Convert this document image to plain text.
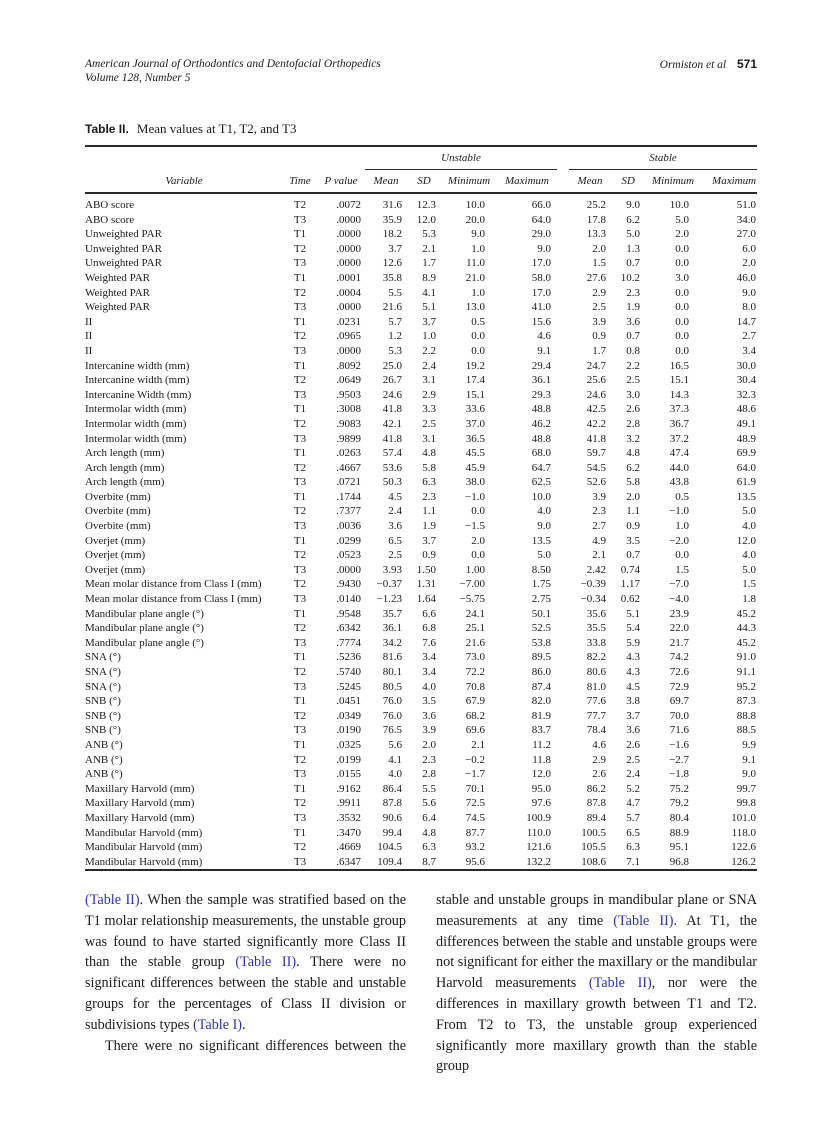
American Journal of Orthodontics and Dentofacial Orthopedics
Volume 128, Number 5
Ormiston et al 571
Table II. Mean values at T1, T2, and T3
			Unstable					Stable			
Variable	Time	P value	Mean	SD	Minimum	Maximum		Mean	SD	Minimum	Maximum
ABO score	T2	.0072	31.6	12.3	10.0	66.0		25.2	9.0	10.0	51.0
ABO score	T3	.0000	35.9	12.0	20.0	64.0		17.8	6.2	5.0	34.0
Unweighted PAR	T1	.0000	18.2	5.3	9.0	29.0		13.3	5.0	2.0	27.0
Unweighted PAR	T2	.0000	3.7	2.1	1.0	9.0		2.0	1.3	0.0	6.0
Unweighted PAR	T3	.0000	12.6	1.7	11.0	17.0		1.5	0.7	0.0	2.0
Weighted PAR	T1	.0001	35.8	8.9	21.0	58.0		27.6	10.2	3.0	46.0
Weighted PAR	T2	.0004	5.5	4.1	1.0	17.0		2.9	2.3	0.0	9.0
Weighted PAR	T3	.0000	21.6	5.1	13.0	41.0		2.5	1.9	0.0	8.0
II	T1	.0231	5.7	3.7	0.5	15.6		3.9	3.6	0.0	14.7
II	T2	.0965	1.2	1.0	0.0	4.6		0.9	0.7	0.0	2.7
II	T3	.0000	5.3	2.2	0.0	9.1		1.7	0.8	0.0	3.4
Intercanine width (mm)	T1	.8092	25.0	2.4	19.2	29.4		24.7	2.2	16.5	30.0
Intercanine width (mm)	T2	.0649	26.7	3.1	17.4	36.1		25.6	2.5	15.1	30.4
Intercanine Width (mm)	T3	.9503	24.6	2.9	15.1	29.3		24.6	3.0	14.3	32.3
Intermolar width (mm)	T1	.3008	41.8	3.3	33.6	48.8		42.5	2.6	37.3	48.6
Intermolar width (mm)	T2	.9083	42.1	2.5	37.0	46.2		42.2	2.8	36.7	49.1
Intermolar width (mm)	T3	.9899	41.8	3.1	36.5	48.8		41.8	3.2	37.2	48.9
Arch length (mm)	T1	.0263	57.4	4.8	45.5	68.0		59.7	4.8	47.4	69.9
Arch length (mm)	T2	.4667	53.6	5.8	45.9	64.7		54.5	6.2	44.0	64.0
Arch length (mm)	T3	.0721	50.3	6.3	38.0	62.5		52.6	5.8	43.8	61.9
Overbite (mm)	T1	.1744	4.5	2.3	−1.0	10.0		3.9	2.0	0.5	13.5
Overbite (mm)	T2	.7377	2.4	1.1	0.0	4.0		2.3	1.1	−1.0	5.0
Overbite (mm)	T3	.0036	3.6	1.9	−1.5	9.0		2.7	0.9	1.0	4.0
Overjet (mm)	T1	.0299	6.5	3.7	2.0	13.5		4.9	3.5	−2.0	12.0
Overjet (mm)	T2	.0523	2.5	0.9	0.0	5.0		2.1	0.7	0.0	4.0
Overjet (mm)	T3	.0000	3.93	1.50	1.00	8.50		2.42	0.74	1.5	5.0
Mean molar distance from Class I (mm)	T2	.9430	−0.37	1.31	−7.00	1.75		−0.39	1.17	−7.0	1.5
Mean molar distance from Class I (mm)	T3	.0140	−1.23	1.64	−5.75	2.75		−0.34	0.62	−4.0	1.8
Mandibular plane angle (°)	T1	.9548	35.7	6.6	24.1	50.1		35.6	5.1	23.9	45.2
Mandibular plane angle (°)	T2	.6342	36.1	6.8	25.1	52.5		35.5	5.4	22.0	44.3
Mandibular plane angle (°)	T3	.7774	34.2	7.6	21.6	53.8		33.8	5.9	21.7	45.2
SNA (°)	T1	.5236	81.6	3.4	73.0	89.5		82.2	4.3	74.2	91.0
SNA (°)	T2	.5740	80.1	3.4	72.2	86.0		80.6	4.3	72.6	91.1
SNA (°)	T3	.5245	80.5	4.0	70.8	87.4		81.0	4.5	72.9	95.2
SNB (°)	T1	.0451	76.0	3.5	67.9	82.0		77.6	3.8	69.7	87.3
SNB (°)	T2	.0349	76.0	3.6	68.2	81.9		77.7	3.7	70.0	88.8
SNB (°)	T3	.0190	76.5	3.9	69.6	83.7		78.4	3.6	71.6	88.5
ANB (°)	T1	.0325	5.6	2.0	2.1	11.2		4.6	2.6	−1.6	9.9
ANB (°)	T2	.0199	4.1	2.3	−0.2	11.8		2.9	2.5	−2.7	9.1
ANB (°)	T3	.0155	4.0	2.8	−1.7	12.0		2.6	2.4	−1.8	9.0
Maxillary Harvold (mm)	T1	.9162	86.4	5.5	70.1	95.0		86.2	5.2	75.2	99.7
Maxillary Harvold (mm)	T2	.9911	87.8	5.6	72.5	97.6		87.8	4.7	79.2	99.8
Maxillary Harvold (mm)	T3	.3532	90.6	6.4	74.5	100.9		89.4	5.7	80.4	101.0
Mandibular Harvold (mm)	T1	.3470	99.4	4.8	87.7	110.0		100.5	6.5	88.9	118.0
Mandibular Harvold (mm)	T2	.4669	104.5	6.3	93.2	121.6		105.5	6.3	95.1	122.6
Mandibular Harvold (mm)	T3	.6347	109.4	8.7	95.6	132.2		108.6	7.1	96.8	126.2

(Table II). When the sample was stratified based on the T1 molar relationship measurements, the unstable group was found to have started significantly more Class II than the stable group (Table II). There were no significant differences between the stable and unstable groups for the percentages of Class II division or subdivisions types (Table I).

There were no significant differences between the

stable and unstable groups in mandibular plane or SNA measurements at any time (Table II). At T1, the differences between the stable and unstable groups were not significant for either the maxillary or the mandibular Harvold measurements (Table II), nor were the differences in maxillary growth between T1 and T2. From T2 to T3, the unstable group experienced significantly more maxillary growth than the stable group
